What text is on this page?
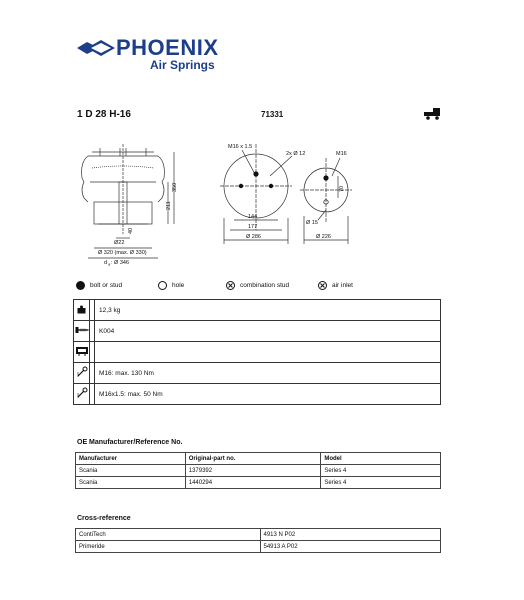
PHOENIX
Air Springs
1 D 28 H-16	71331
350
211
40
Ø22
Ø 320 (max. Ø 330)
d a : Ø 346
M16 x 1.5
2x Ø 12
144
177
Ø 286
M16
70
Ø 15
Ø 226
bolt or stud	hole	combination stud	air inlet
		12,3 kg
		K004

		M16: max. 130 Nm
		M16x1.5: max. 50 Nm
OE Manufacturer/Reference No.
Manufacturer	Original-part no.	Model
Scania	1379392	Series 4
Scania	1440294	Series 4
Cross-reference
ContiTech	4913 N P02
Primeride	54913 A P02
